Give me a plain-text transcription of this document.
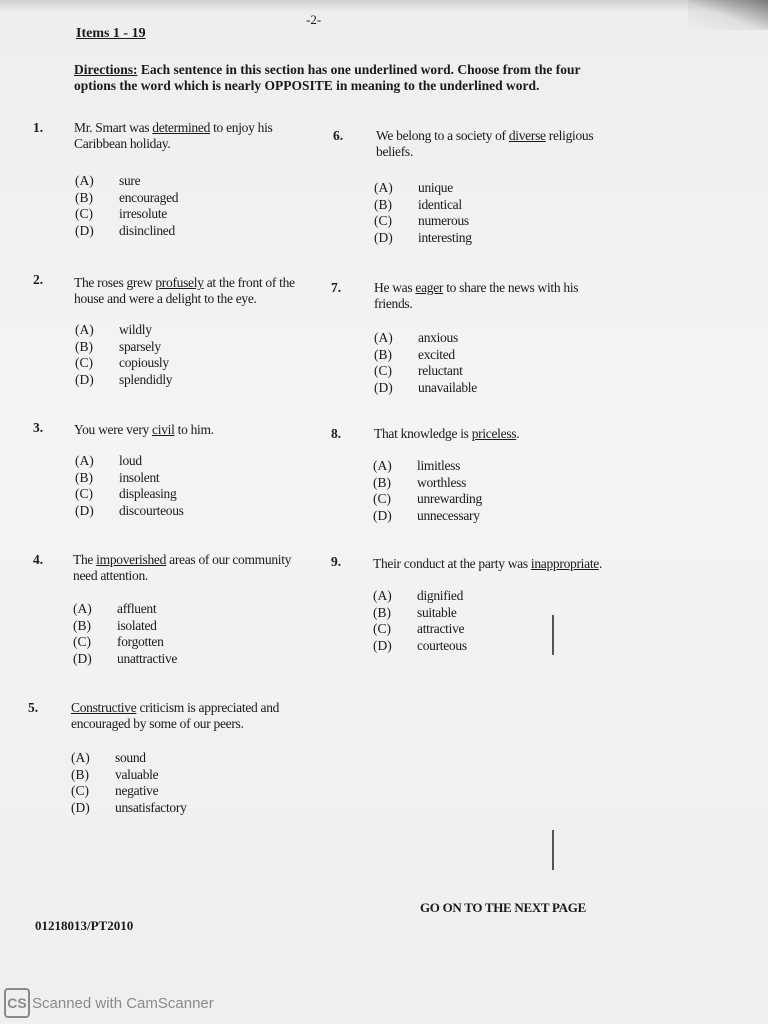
-2-
Items 1 - 19
Directions: Each sentence in this section has one underlined word. Choose from the four options the word which is nearly OPPOSITE in meaning to the underlined word.
1. Mr. Smart was determined to enjoy his Caribbean holiday.
(A) sure
(B) encouraged
(C) irresolute
(D) disinclined
2. The roses grew profusely at the front of the house and were a delight to the eye.
(A) wildly
(B) sparsely
(C) copiously
(D) splendidly
3. You were very civil to him.
(A) loud
(B) insolent
(C) displeasing
(D) discourteous
4. The impoverished areas of our community need attention.
(A) affluent
(B) isolated
(C) forgotten
(D) unattractive
5. Constructive criticism is appreciated and encouraged by some of our peers.
(A) sound
(B) valuable
(C) negative
(D) unsatisfactory
6. We belong to a society of diverse religious beliefs.
(A) unique
(B) identical
(C) numerous
(D) interesting
7. He was eager to share the news with his friends.
(A) anxious
(B) excited
(C) reluctant
(D) unavailable
8. That knowledge is priceless.
(A) limitless
(B) worthless
(C) unrewarding
(D) unnecessary
9. Their conduct at the party was inappropriate.
(A) dignified
(B) suitable
(C) attractive
(D) courteous
GO ON TO THE NEXT PAGE
01218013/PT2010
CS Scanned with CamScanner
